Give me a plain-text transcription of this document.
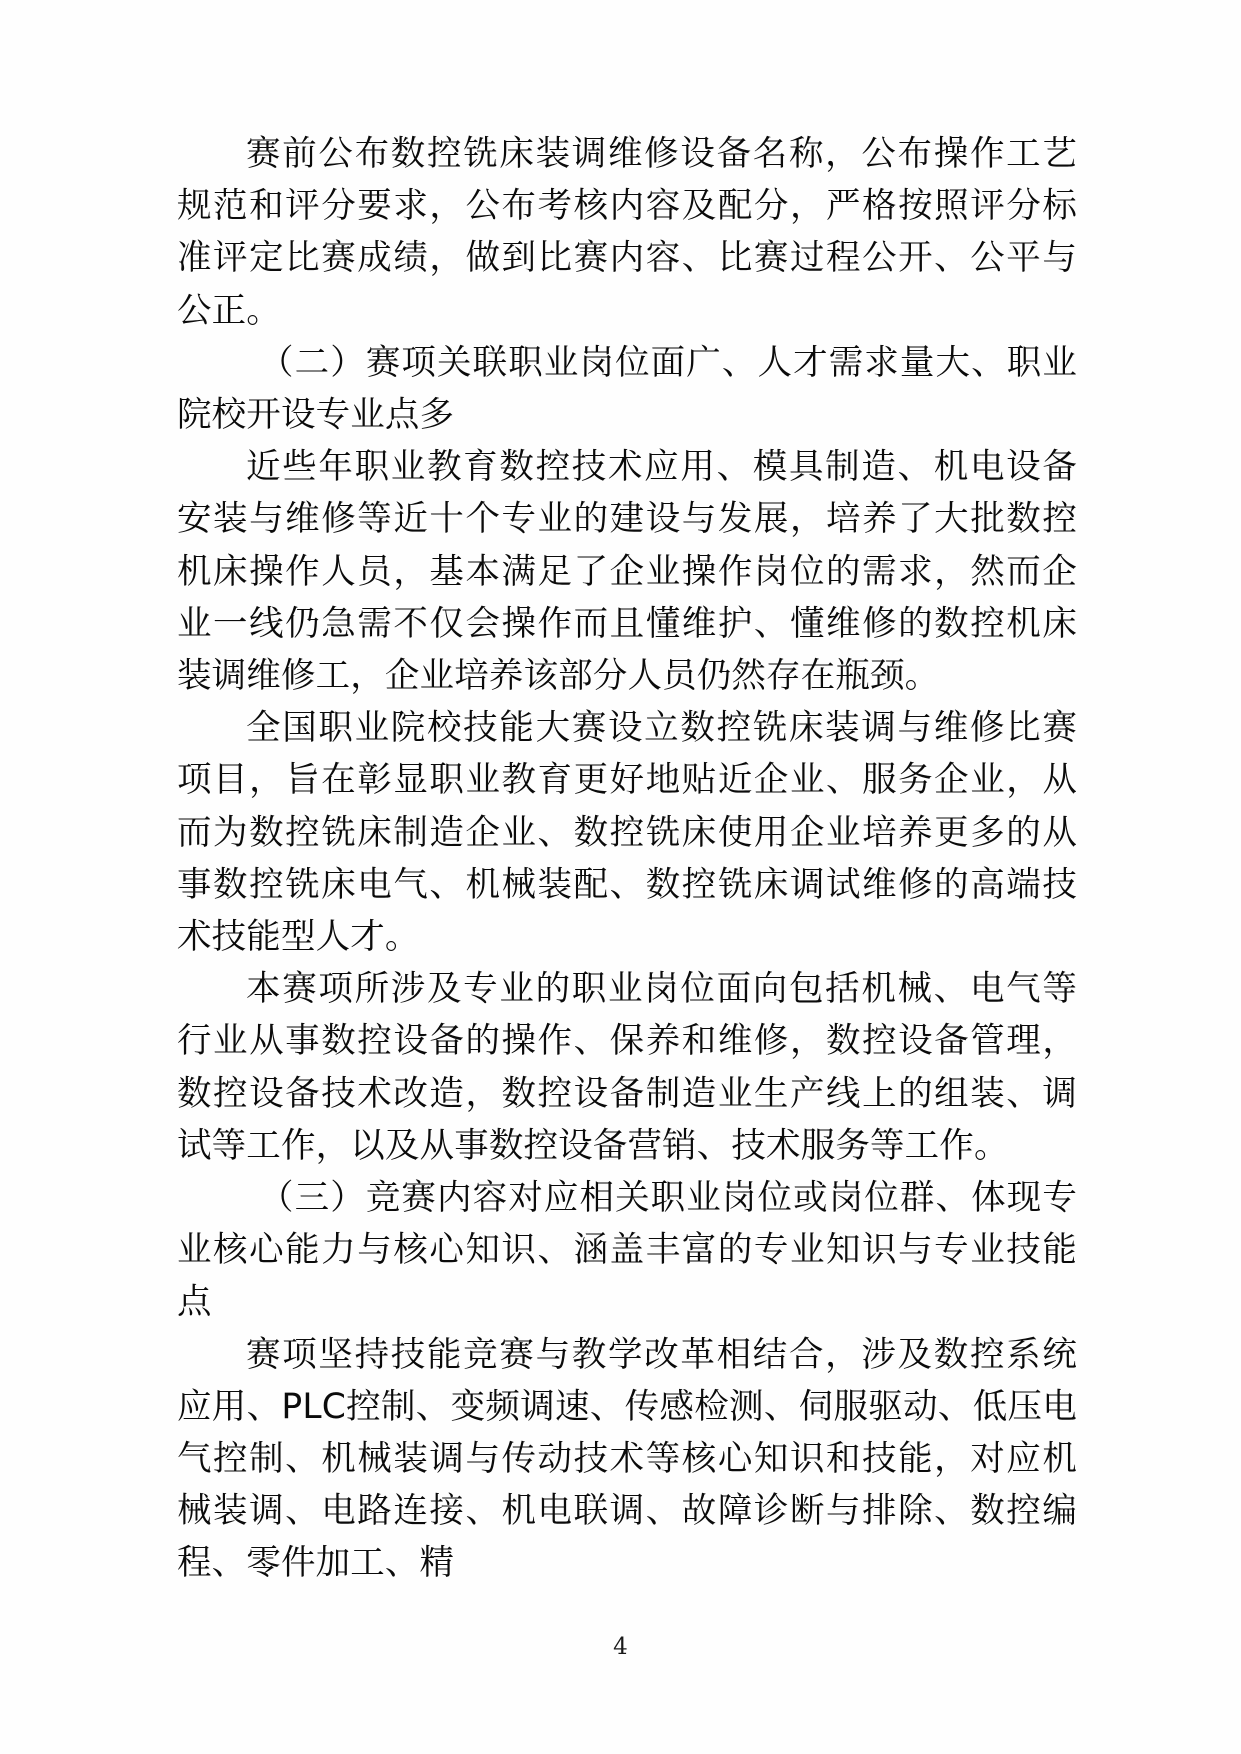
赛前公布数控铣床装调维修设备名称，公布操作工艺规范和评分要求，公布考核内容及配分，严格按照评分标准评定比赛成绩，做到比赛内容、比赛过程公开、公平与公正。

（二）赛项关联职业岗位面广、人才需求量大、职业院校开设专业点多

近些年职业教育数控技术应用、模具制造、机电设备安装与维修等近十个专业的建设与发展，培养了大批数控机床操作人员，基本满足了企业操作岗位的需求，然而企业一线仍急需不仅会操作而且懂维护、懂维修的数控机床装调维修工，企业培养该部分人员仍然存在瓶颈。

全国职业院校技能大赛设立数控铣床装调与维修比赛项目，旨在彰显职业教育更好地贴近企业、服务企业，从而为数控铣床制造企业、数控铣床使用企业培养更多的从事数控铣床电气、机械装配、数控铣床调试维修的高端技术技能型人才。

本赛项所涉及专业的职业岗位面向包括机械、电气等行业从事数控设备的操作、保养和维修，数控设备管理，数控设备技术改造，数控设备制造业生产线上的组装、调试等工作，以及从事数控设备营销、技术服务等工作。

（三）竞赛内容对应相关职业岗位或岗位群、体现专业核心能力与核心知识、涵盖丰富的专业知识与专业技能点

赛项坚持技能竞赛与教学改革相结合，涉及数控系统应用、PLC控制、变频调速、传感检测、伺服驱动、低压电气控制、机械装调与传动技术等核心知识和技能，对应机械装调、电路连接、机电联调、故障诊断与排除、数控编程、零件加工、精

4
